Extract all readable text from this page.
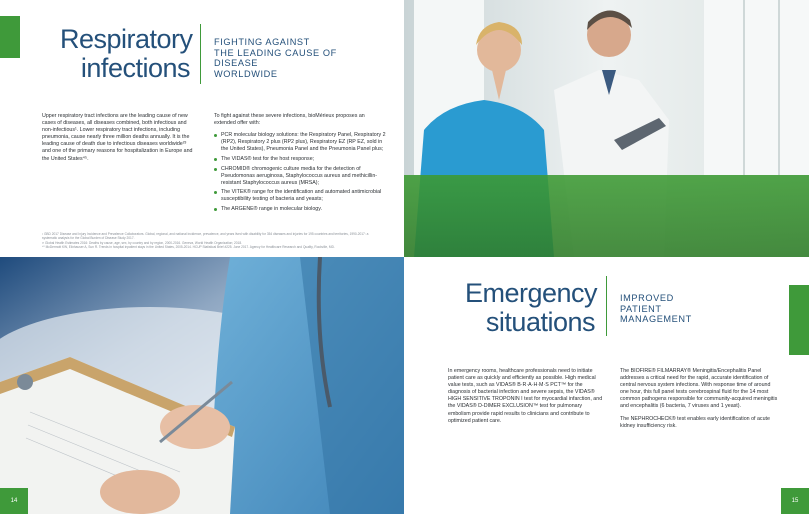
Respiratory
infections
FIGHTING AGAINST
THE LEADING CAUSE OF
DISEASE
WORLDWIDE

Upper respiratory tract infections are the leading cause of new cases of diseases, all diseases combined, both infectious and non-infectious¹. Lower respiratory tract infections, including pneumonia, cause nearly three million deaths annually. It is the leading cause of death due to infectious diseases worldwide²³ and one of the primary reasons for hospitalization in Europe and the United States⁴⁵.

To fight against these severe infections, bioMérieux proposes an extended offer with:

PCR molecular biology solutions: the Respiratory Panel, Respiratory 2 (RP2), Respiratory 2 plus (RP2 plus), Respiratory EZ (RP EZ, sold in the United States), Pneumonia Panel and the Pneumonia Panel plus;
The VIDAS® test for the host response;
CHROMID® chromogenic culture media for the detection of Pseudomonas aeruginosa, Staphylococcus aureus and methicillin-resistant Staphylococcus aureus (MRSA);
The VITEK® range for the identification and automated antimicrobial susceptibility testing of bacteria and yeasts;
The ARGENE® range in molecular biology.
¹ GBD 2017 Disease and Injury Incidence and Prevalence Collaborators. Global, regional, and national incidence, prevalence, and years lived with disability for 354 diseases and injuries for 195 countries and territories, 1990-2017: a systematic analysis for the Global Burden of Disease Study 2017.
²³ Global Health Estimates 2016: Deaths by cause, age, sex, by country and by region, 2000-2016. Geneva, World Health Organization; 2018.
⁴⁵ McDermott KW, Elixhauser A, Sun R. Trends in hospital inpatient stays in the United States, 2005-2014. HCUP Statistical Brief #225. June 2017. Agency for Healthcare Research and Quality, Rockville, MD.
Emergency
situations
IMPROVED
PATIENT
MANAGEMENT

In emergency rooms, healthcare professionals need to initiate patient care as quickly and efficiently as possible. High medical value tests, such as VIDAS® B·R·A·H·M·S PCT™ for the diagnosis of bacterial infection and severe sepsis, the VIDAS® HIGH SENSITIVE TROPONIN I test for myocardial infarction, and the VIDAS® D-DIMER EXCLUSION™ test for pulmonary embolism provide rapid results to clinicians and contribute to optimized patient care.

The BIOFIRE® FILMARRAY® Meningitis/Encephalitis Panel addresses a critical need for the rapid, accurate identification of central nervous system infections. With response time of around one hour, this full panel tests cerebrospinal fluid for the 14 most common pathogens responsible for community-acquired meningitis and encephalitis (6 bacteria, 7 viruses and 1 yeast).

The NEPHROCHECK® test enables early identification of acute kidney insufficiency risk.

14	15
